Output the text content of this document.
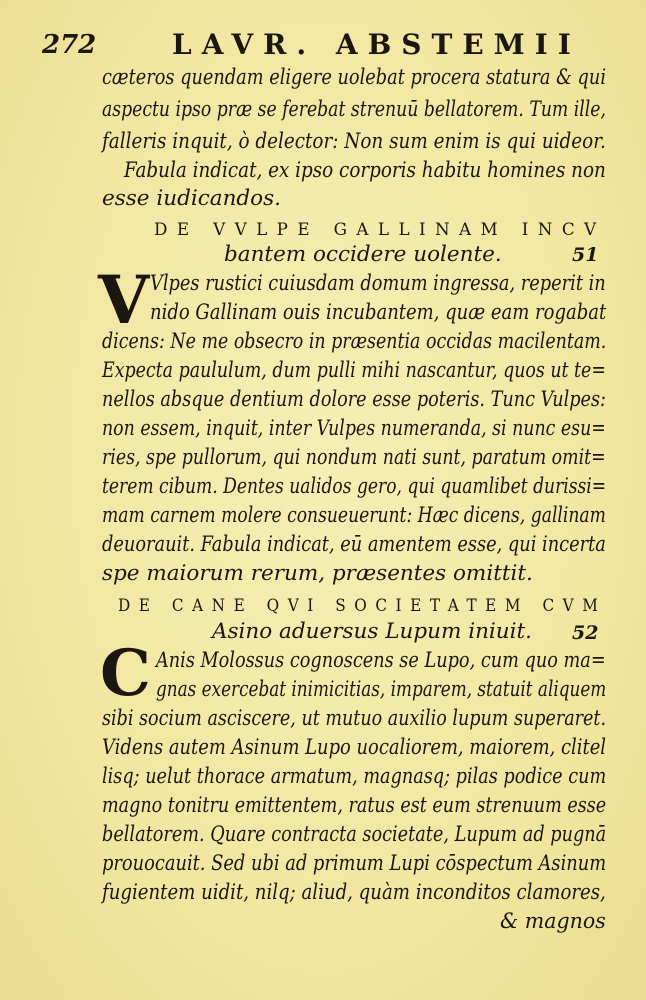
272	LAVR. ABSTEMII
cæteros quendam eligere uolebat procera statura & qui
aspectu ipso præ se ferebat strenuū bellatorem. Tum ille,
falleris inquit, ò delector: Non sum enim is qui uideor.
Fabula indicat, ex ipso corporis habitu homines non
esse iudicandos.
DE VVLPE GALLINAM INCV
bantem occidere uolente.	51
V Vlpes rustici cuiusdam domum ingressa, reperit in
nido Gallinam ouis incubantem, quæ eam rogabat
dicens: Ne me obsecro in præsentia occidas macilentam.
Expecta paululum, dum pulli mihi nascantur, quos ut te=
nellos absque dentium dolore esse poteris. Tunc Vulpes:
non essem, inquit, inter Vulpes numeranda, si nunc esu=
ries, spe pullorum, qui nondum nati sunt, paratum omit=
terem cibum. Dentes ualidos gero, qui quamlibet durissi=
mam carnem molere consueuerunt: Hæc dicens, gallinam
deuorauit. Fabula indicat, eū amentem esse, qui incerta
spe maiorum rerum, præsentes omittit.
DE CANE QVI SOCIETATEM CVM
Asino aduersus Lupum iniuit. 52
C Anis Molossus cognoscens se Lupo, cum quo ma=
gnas exercebat inimicitias, imparem, statuit aliquem
sibi socium asciscere, ut mutuo auxilio lupum superaret.
Videns autem Asinum Lupo uocaliorem, maiorem, clitel
lisq; uelut thorace armatum, magnasq; pilas podice cum
magno tonitru emittentem, ratus est eum strenuum esse
bellatorem. Quare contracta societate, Lupum ad pugnā
prouocauit. Sed ubi ad primum Lupi cōspectum Asinum
fugientem uidit, nilq; aliud, quàm inconditos clamores,
& magnos
